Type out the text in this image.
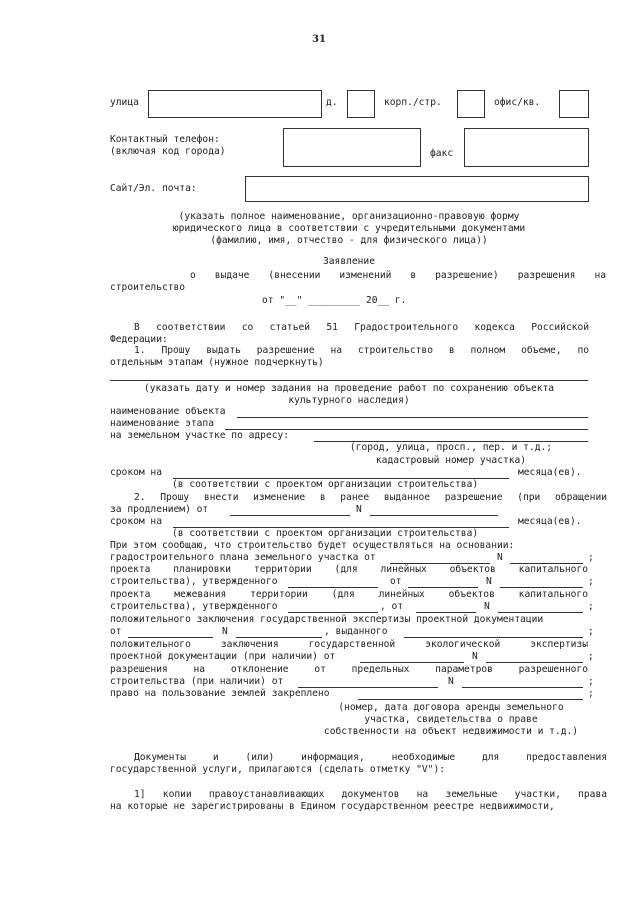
31
улица	д.	корп./стр.	офис/кв.
Контактный телефон:
(включая код города)	факс
Сайт/Эл. почта:
(указать полное наименование, организационно-правовую форму
юридического лица в соответствии с учредительными документами
(фамилию, имя, отчество - для физического лица))
Заявление
о выдаче (внесении изменений в разрешение) разрешения на
строительство
от "__" _________ 20__ г.
В соответствии со статьей 51 Градостроительного кодекса Российской
Федерации:
1. Прошу выдать разрешение на строительство в полном объеме, по
отдельным этапам (нужное подчеркнуть)
(указать дату и номер задания на проведение работ по сохранению объекта
культурного наследия)
наименование объекта
наименование этапа
на земельном участке по адресу:
(город, улица, просп., пер. и т.д.;
кадастровый номер участка)
сроком на	месяца(ев).
(в соответствии с проектом организации строительства)
2. Прошу внести изменение в ранее выданное разрешение (при обращении
за продлением) от	N
сроком на	месяца(ев).
(в соответствии с проектом организации строительства)
При этом сообщаю, что строительство будет осуществляться на основании:
градостроительного плана земельного участка от	N	;
проекта планировки территории (для линейных объектов капитального
строительства), утвержденного	от	N	;
проекта межевания территории (для линейных объектов капитального
строительства), утвержденного	, от	N	;
положительного заключения государственной экспертизы проектной документации
от	N	, выданного	;
положительного заключения государственной экологической экспертизы
проектной документации (при наличии) от	N	;
разрешения на отклонение от предельных параметров разрешенного
строительства (при наличии) от	N	;
право на пользование землей закреплено	;
(номер, дата договора аренды земельного
участка, свидетельства о праве
собственности на объект недвижимости и т.д.)
Документы и (или) информация, необходимые для предоставления
государственной услуги, прилагаются (сделать отметку "V"):
1] копии правоустанавливающих документов на земельные участки, права
на которые не зарегистрированы в Едином государственном реестре недвижимости,
